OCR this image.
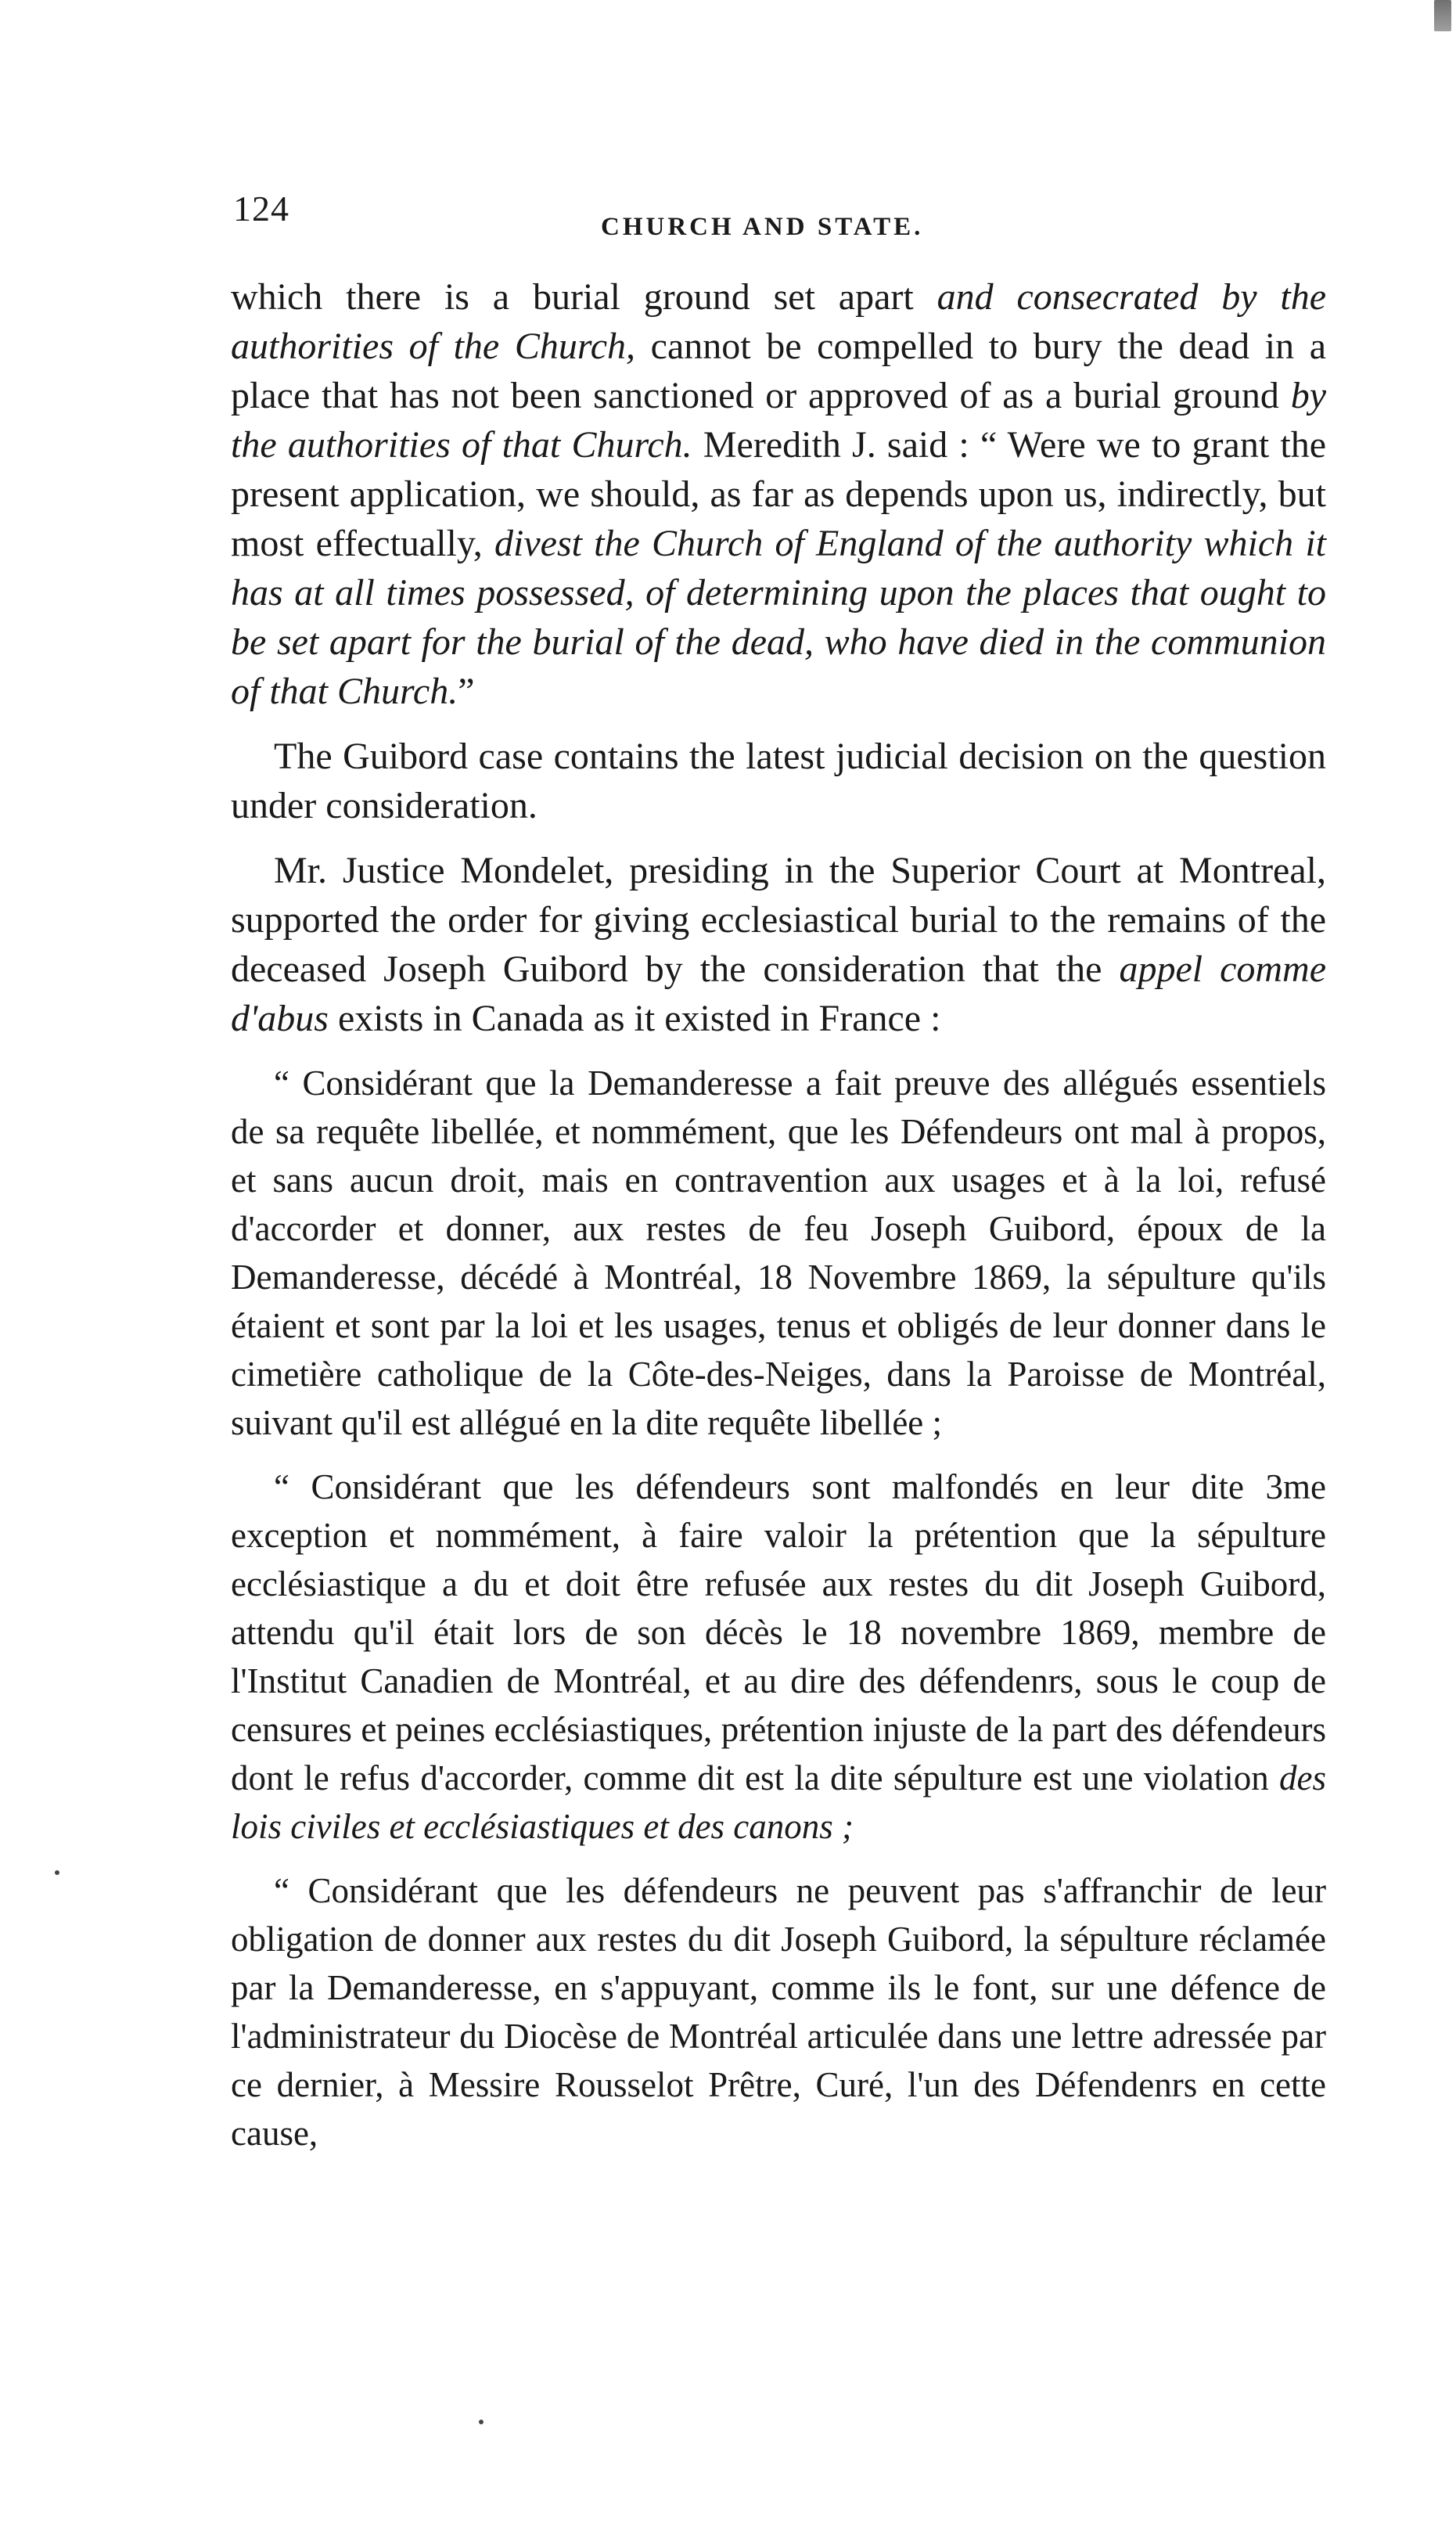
124	CHURCH AND STATE.

which there is a burial ground set apart and consecrated by the authorities of the Church, cannot be compelled to bury the dead in a place that has not been sanctioned or approved of as a burial ground by the authorities of that Church. Meredith J. said : “ Were we to grant the present application, we should, as far as depends upon us, indirectly, but most effectually, divest the Church of England of the authority which it has at all times possessed, of determining upon the places that ought to be set apart for the burial of the dead, who have died in the communion of that Church.”

The Guibord case contains the latest judicial decision on the question under consideration.

Mr. Justice Mondelet, presiding in the Superior Court at Montreal, supported the order for giving ecclesiastical burial to the remains of the deceased Joseph Guibord by the consideration that the appel comme d'abus exists in Canada as it existed in France :

“ Considérant que la Demanderesse a fait preuve des allégués essentiels de sa requête libellée, et nommément, que les Défendeurs ont mal à propos, et sans aucun droit, mais en contravention aux usages et à la loi, refusé d'accorder et donner, aux restes de feu Joseph Guibord, époux de la Demanderesse, décédé à Montréal, 18 Novembre 1869, la sépulture qu'ils étaient et sont par la loi et les usages, tenus et obligés de leur donner dans le cimetière catholique de la Côte-des-Neiges, dans la Paroisse de Montréal, suivant qu'il est allégué en la dite requête libellée ;

“ Considérant que les défendeurs sont malfondés en leur dite 3me exception et nommément, à faire valoir la prétention que la sépulture ecclésiastique a du et doit être refusée aux restes du dit Joseph Guibord, attendu qu'il était lors de son décès le 18 novembre 1869, membre de l'Institut Canadien de Montréal, et au dire des défendenrs, sous le coup de censures et peines ecclésiastiques, prétention injuste de la part des défendeurs dont le refus d'accorder, comme dit est la dite sépulture est une violation des lois civiles et ecclésiastiques et des canons ;

“ Considérant que les défendeurs ne peuvent pas s'affranchir de leur obligation de donner aux restes du dit Joseph Guibord, la sépulture réclamée par la Demanderesse, en s'appuyant, comme ils le font, sur une défence de l'administrateur du Diocèse de Montréal articulée dans une lettre adressée par ce dernier, à Messire Rousselot Prêtre, Curé, l'un des Défendenrs en cette cause,
